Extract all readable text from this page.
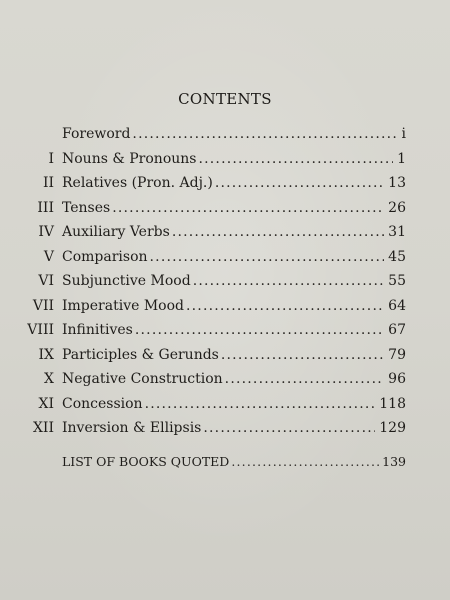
CONTENTS
Foreword .....	i
I Nouns & Pronouns .....	1
II Relatives (Pron. Adj.) .....	13
III Tenses .....	26
IV Auxiliary Verbs .....	31
V Comparison .....	45
VI Subjunctive Mood .....	55
VII Imperative Mood .....	64
VIII Infinitives .....	67
IX Participles & Gerunds .....	79
X Negative Construction .....	96
XI Concession .....	118
XII Inversion & Ellipsis .....	129
LIST OF BOOKS QUOTED .....	139
